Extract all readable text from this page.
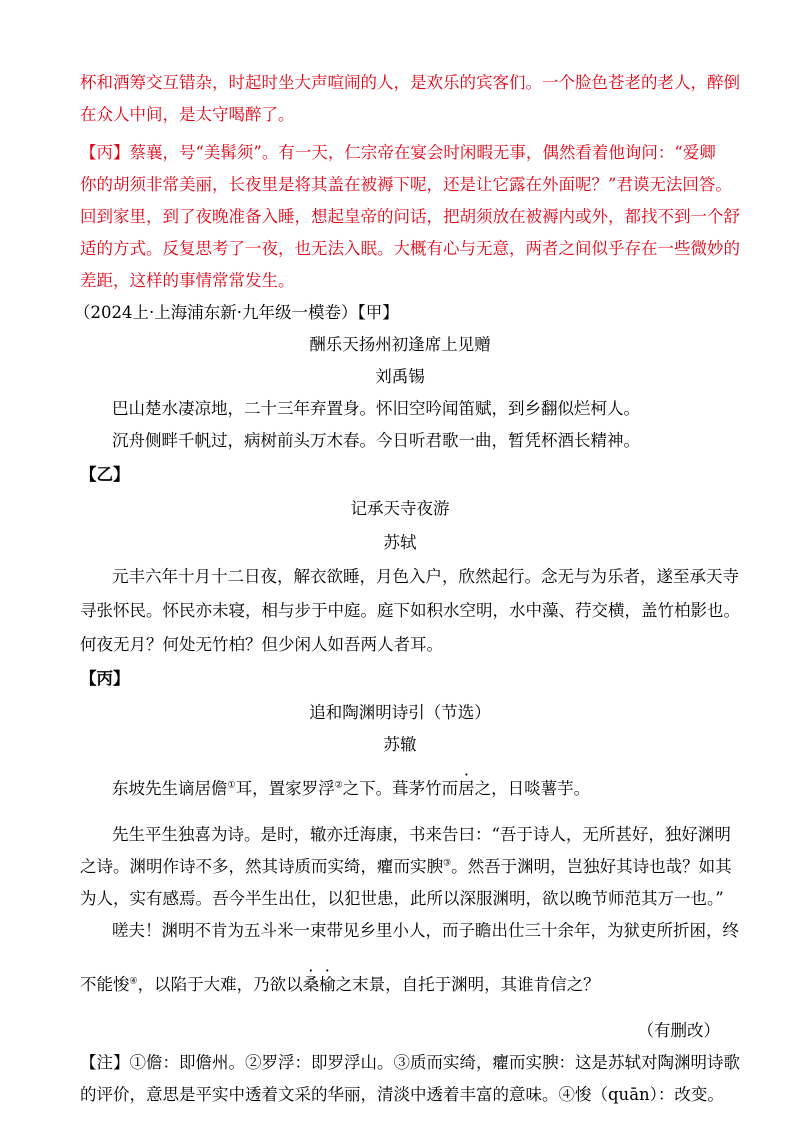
杯和酒筹交互错杂，时起时坐大声喧闹的人，是欢乐的宾客们。一个脸色苍老的老人，醉倒
在众人中间，是太守喝醉了。
【丙】蔡襄，号“美髯须”。有一天，仁宗帝在宴会时闲暇无事，偶然看着他询问：“爱卿
你的胡须非常美丽，长夜里是将其盖在被褥下呢，还是让它露在外面呢？”君谟无法回答。
回到家里，到了夜晚准备入睡，想起皇帝的问话，把胡须放在被褥内或外，都找不到一个舒
适的方式。反复思考了一夜，也无法入眠。大概有心与无意，两者之间似乎存在一些微妙的
差距，这样的事情常常发生。
（2024上·上海浦东新·九年级一模卷）【甲】
酬乐天扬州初逢席上见赠
刘禹锡
巴山楚水凄凉地，二十三年弃置身。怀旧空吟闻笛赋，到乡翻似烂柯人。
沉舟侧畔千帆过，病树前头万木春。今日听君歌一曲，暂凭杯酒长精神。
【乙】
记承天寺夜游
苏轼
元丰六年十月十二日夜，解衣欲睡，月色入户，欣然起行。念无与为乐者，遂至承天寺
寻张怀民。怀民亦未寝，相与步于中庭。庭下如积水空明，水中藻、荇交横，盖竹柏影也。
何夜无月？何处无竹柏？但少闲人如吾两人者耳。
【丙】
追和陶渊明诗引（节选）
苏辙
东坡先生谪居儋①耳，置家罗浮②之下。葺茅竹而居之，日啖薯芋。
先生平生独喜为诗。是时，辙亦迁海康，书来告曰：“吾于诗人，无所甚好，独好渊明
之诗。渊明作诗不多，然其诗质而实绮，癯而实腴③。然吾于渊明，岂独好其诗也哉？如其
为人，实有感焉。吾今半生出仕，以犯世患，此所以深服渊明，欲以晚节师范其万一也。”
嗟夫！渊明不肯为五斗米一束带见乡里小人，而子瞻出仕三十余年，为狱吏所折困，终
不能悛④，以陷于大难，乃欲以桑榆之末景，自托于渊明，其谁肯信之？
（有删改）
【注】①儋：即儋州。②罗浮：即罗浮山。③质而实绮，癯而实腴：这是苏轼对陶渊明诗歌
的评价，意思是平实中透着文采的华丽，清淡中透着丰富的意味。④悛（quān）：改变。
